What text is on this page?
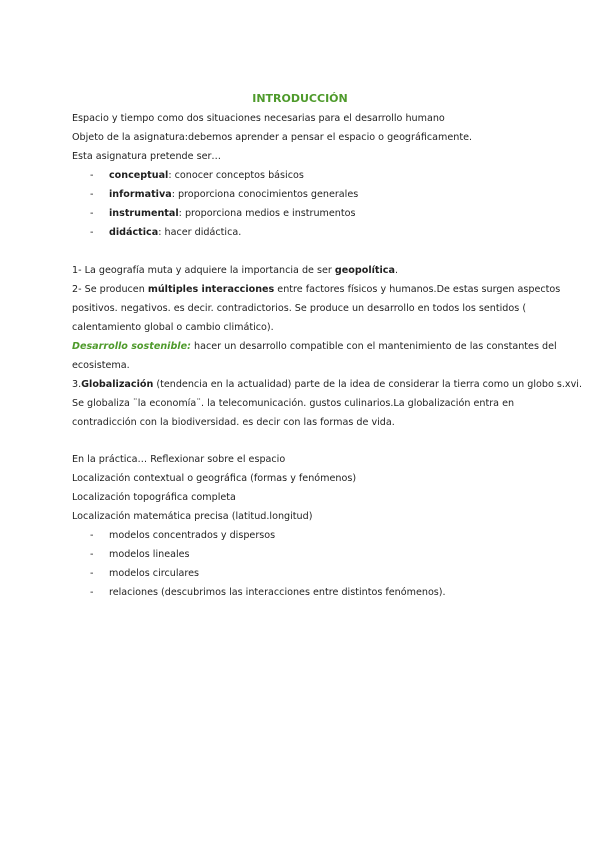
INTRODUCCIÓN
Espacio y tiempo como dos situaciones necesarias para el desarrollo humano
Objeto de la asignatura:debemos aprender a pensar el espacio o geográficamente.
Esta asignatura pretende ser…
- conceptual: conocer conceptos básicos
- informativa: proporciona conocimientos generales
- instrumental: proporciona medios e instrumentos
- didáctica: hacer didáctica.
1- La geografía muta y adquiere la importancia de ser geopolítica.
2- Se producen múltiples interacciones entre factores físicos y humanos.De estas surgen aspectos
positivos. negativos. es decir. contradictorios. Se produce un desarrollo en todos los sentidos (
calentamiento global o cambio climático).
Desarrollo sostenible: hacer un desarrollo compatible con el mantenimiento de las constantes del
ecosistema.
3.Globalización (tendencia en la actualidad) parte de la idea de considerar la tierra como un globo s.xvi.
Se globaliza ¨la economía¨. la telecomunicación. gustos culinarios.La globalización entra en
contradicción con la biodiversidad. es decir con las formas de vida.
En la práctica… Reflexionar sobre el espacio
Localización contextual o geográfica (formas y fenómenos)
Localización topográfica completa
Localización matemática precisa (latitud.longitud)
- modelos concentrados y dispersos
- modelos lineales
- modelos circulares
- relaciones (descubrimos las interacciones entre distintos fenómenos).
